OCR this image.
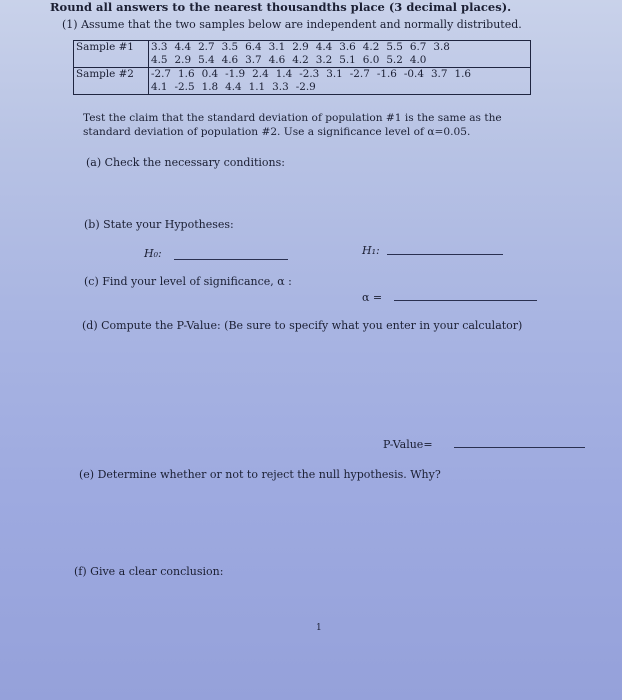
Round all answers to the nearest thousandths place (3 decimal places).
(1) Assume that the two samples below are independent and normally distributed.
Sample #1	3.3 4.4 2.7 3.5 6.4 3.1 2.9 4.4 3.6 4.2 5.5 6.7 3.8
	4.5 2.9 5.4 4.6 3.7 4.6 4.2 3.2 5.1 6.0 5.2 4.0
Sample #2	-2.7 1.6 0.4 -1.9 2.4 1.4 -2.3 3.1 -2.7 -1.6 -0.4 3.7 1.6
	4.1 -2.5 1.8 4.4 1.1 3.3 -2.9
Test the claim that the standard deviation of population #1 is the same as the
standard deviation of population #2. Use a significance level of α=0.05.
(a) Check the necessary conditions:
(b) State your Hypotheses:
H₀:	H₁:
(c) Find your level of significance, α :
α =
(d) Compute the P-Value: (Be sure to specify what you enter in your calculator)
P-Value=
(e) Determine whether or not to reject the null hypothesis. Why?
(f) Give a clear conclusion:
1
